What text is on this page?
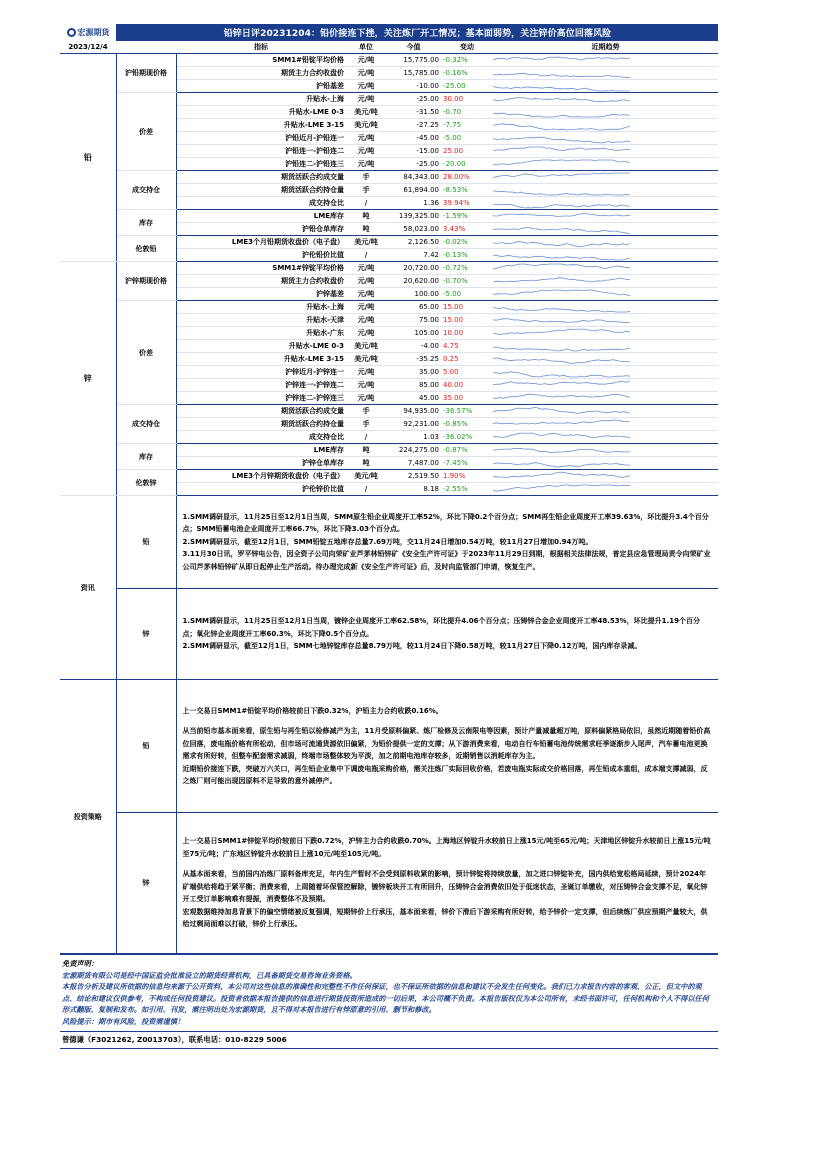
宏源期货	铅锌日评20231204：铅价接连下挫，关注炼厂开工情况；基本面弱势，关注锌价高位回落风险
2023/12/4		指标	单位	今值	变动	近期趋势
铅	沪铅期现价格	SMM1#铅锭平均价格	元/吨	15,775.00	-0.32%	

		期货主力合约收盘价	元/吨	15,785.00	-0.16%	

		沪铅基差	元/吨	-10.00	-25.00	

	价差	升贴水-上海	元/吨	-25.00	30.00	

		升贴水-LME 0-3	美元/吨	-31.50	-0.70	

		升贴水-LME 3-15	美元/吨	-27.25	-7.75	

		沪铅近月-沪铅连一	元/吨	-45.00	-5.00	

		沪铅连一-沪铅连二	元/吨	-15.00	25.00	

		沪铅连二-沪铅连三	元/吨	-25.00	-20.00	

	成交持仓	期货活跃合约成交量	手	84,343.00	28.00%	

		期货活跃合约持仓量	手	61,894.00	-8.53%	

		成交持仓比	/	1.36	39.94%	

	库存	LME库存	吨	139,325.00	-1.59%	

		沪铅仓单库存	吨	58,023.00	3.43%	

	伦敦铅	LME3个月铅期货收盘价（电子盘）	美元/吨	2,126.50	-0.02%	

		沪伦铅价比值	/	7.42	-0.13%	

锌	沪锌期现价格	SMM1#锌锭平均价格	元/吨	20,720.00	-0.72%	

		期货主力合约收盘价	元/吨	20,620.00	-0.70%	

		沪锌基差	元/吨	100.00	-5.00	

	价差	升贴水-上海	元/吨	65.00	15.00	

		升贴水-天津	元/吨	75.00	15.00	

		升贴水-广东	元/吨	105.00	10.00	

		升贴水-LME 0-3	美元/吨	-4.00	4.75	

		升贴水-LME 3-15	美元/吨	-35.25	0.25	

		沪锌近月-沪锌连一	元/吨	35.00	5.00	

		沪锌连一-沪锌连二	元/吨	85.00	40.00	

		沪锌连二-沪锌连三	元/吨	45.00	35.00	

	成交持仓	期货活跃合约成交量	手	94,935.00	-36.57%	

		期货活跃合约持仓量	手	92,231.00	-0.85%	

		成交持仓比	/	1.03	-36.02%	

	库存	LME库存	吨	224,275.00	-0.87%	

		沪锌仓单库存	吨	7,487.00	-7.45%	

	伦敦锌	LME3个月锌期货收盘价（电子盘）	美元/吨	2,519.50	1.90%	

		沪伦锌价比值	/	8.18	-2.55%	
资讯	铅	1.SMM调研显示，11月25日至12月1日当周，SMM原生铅企业周度开工率52%，环比下降0.2个百分点；SMM再生铅企业周度开工率39.63%，环比提升3.4个百分点；SMM铅蓄电池企业周度开工率66.7%，环比下降3.03个百分点。

2.SMM调研显示，截至12月1日，SMM铅锭五地库存总量7.69万吨，交11月24日增加0.54万吨，较11月27日增加0.94万吨。

3.11月30日讯，罗平锌电公告，因全资子公司向荣矿业芦茅林铅锌矿《安全生产许可证》于2023年11月29日到期，根据相关法律法规，普定县应急管理局责令向荣矿业公司芦茅林铅锌矿从即日起停止生产活动。待办理完成新《安全生产许可证》后，及时向监管部门申请，恢复生产。

	锌	1.SMM调研显示，11月25日至12月1日当周，镀锌企业周度开工率62.58%，环比提升4.06个百分点；压铸锌合金企业周度开工率48.53%，环比提升1.19个百分点；氧化锌企业周度开工率60.3%，环比下降0.5个百分点。

2.SMM调研显示，截至12月1日，SMM七地锌锭库存总量8.79万吨，较11月24日下降0.58万吨，较11月27日下降0.12万吨，国内库存录减。

投资策略	铅	上一交易日SMM1#铅锭平均价格较前日下跌0.32%，沪铅主力合约收跌0.16%。

从当前铅市基本面来看，原生铅与再生铅以检修减产为主，11月受原料偏紧、炼厂检修及云南限电等因素，预计产量减量超万吨，原料偏紧格局依旧，虽然近期随着铅价高位回落，废电瓶价格有所松动，但市场可流通货源依旧偏紧，为铅价提供一定的支撑；从下游消费来看，电动自行车铅蓄电池传统需求旺季逐渐步入尾声，汽车蓄电池更换需求有所好转，但整车配套需求减弱，终端市场整体较为平淡，加之前期电池库存较多，近期销售以消耗库存为主。

近期铅价接连下跌，突破万六关口，再生铅企业集中下调废电瓶采购价格，需关注炼厂实际回收价格，若废电瓶实际成交价格回落，再生铅成本重组，成本端支撑减弱，反之炼厂则可能出现因原料不足导致的意外减停产。

	锌	上一交易日SMM1#锌锭平均价较前日下跌0.72%，沪锌主力合约收跌0.70%。上海地区锌锭升水较前日上涨15元/吨至65元/吨；天津地区锌锭升水较前日上涨15元/吨至75元/吨；广东地区锌锭升水较前日上涨10元/吨至105元/吨。

从基本面来看，当前国内冶炼厂原料备库充足，年内生产暂时不会受到原料收紧的影响，预计锌锭将持续放量，加之进口锌锭补充，国内供给宽松格局延续，预计2024年矿端供给将趋于紧平衡；消费来看，上周随着环保管控解除，镀锌板块开工有所回升，压铸锌合金消费依旧处于低迷状态，圣诞订单缴收，对压铸锌合金支撑不足，氧化锌开工受订单影响难有提振，消费整体不及预期。

宏观数据维持加息背景下的偏空情绪被反复强调，短期锌价上行承压，基本面来看，锌价下滑后下游采购有所好转，给予锌价一定支撑，但后续炼厂供应预期产量较大，供给过剩局面难以打破，锌价上行承压。

免责声明：
宏源期货有限公司是经中国证监会批准设立的期货经营机构，已具备期货交易咨询业务资格。
本报告分析及建议所依据的信息均来源于公开资料，本公司对这些信息的准确性和完整性不作任何保证，也不保证所依据的信息和建议不会发生任何变化。我们已力求报告内容的客观、公正，但文中的观点、结论和建议仅供参考，不构成任何投资建议。投资者依据本报告提供的信息进行期货投资所造成的一切后果，本公司概不负责。本报告版权仅为本公司所有，未经书面许可，任何机构和个人不得以任何形式翻版、复制和发布。如引用、刊发，需注明出处为宏源期货，且不得对本报告进行有悖原意的引用、删节和修改。
风险提示：期市有风险，投资需谨慎！
曾德谦（F3021262, Z0013703），联系电话：010-8229 5006
